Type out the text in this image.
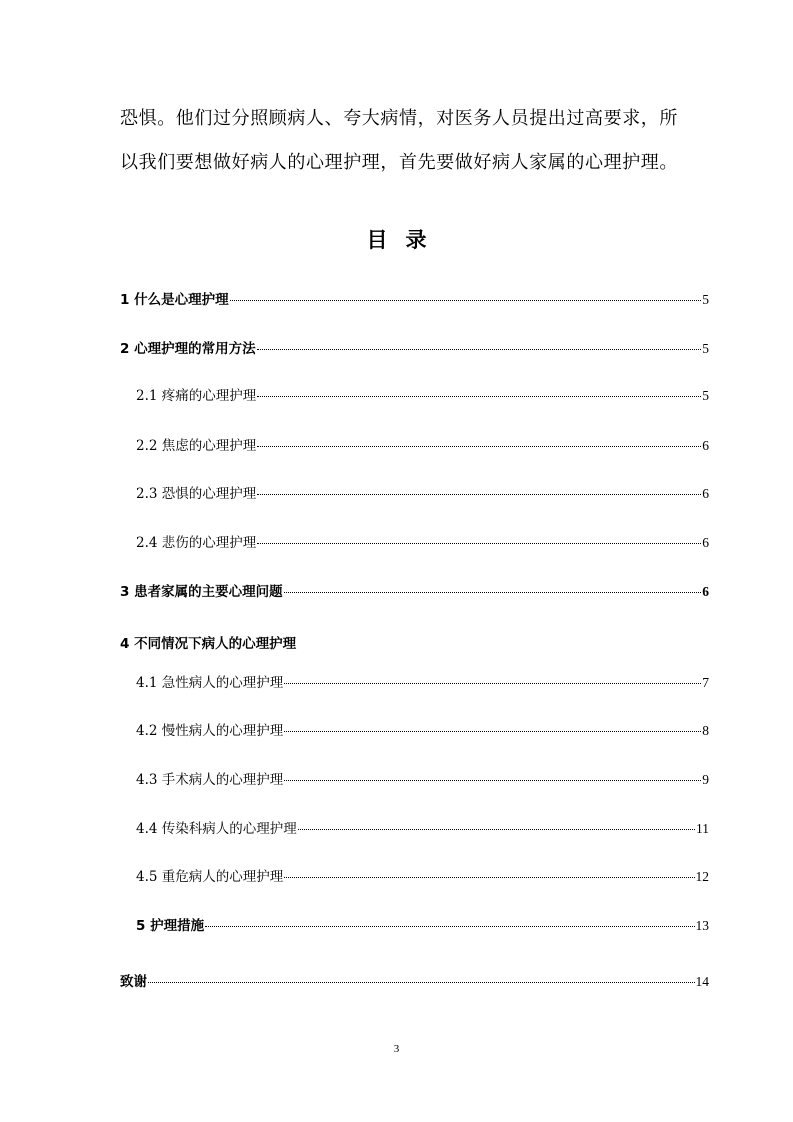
恐惧。他们过分照顾病人、夸大病情，对医务人员提出过高要求，所
以我们要想做好病人的心理护理，首先要做好病人家属的心理护理。
目录
1 什么是心理护理	5
2 心理护理的常用方法	5
2.1 疼痛的心理护理	5
2.2 焦虑的心理护理	6
2.3 恐惧的心理护理	6
2.4 悲伤的心理护理	6
3 患者家属的主要心理问题	6
4 不同情况下病人的心理护理
4.1 急性病人的心理护理	7
4.2 慢性病人的心理护理	8
4.3 手术病人的心理护理	9
4.4 传染科病人的心理护理	11
4.5 重危病人的心理护理	12
5 护理措施	13
致谢	14
3
